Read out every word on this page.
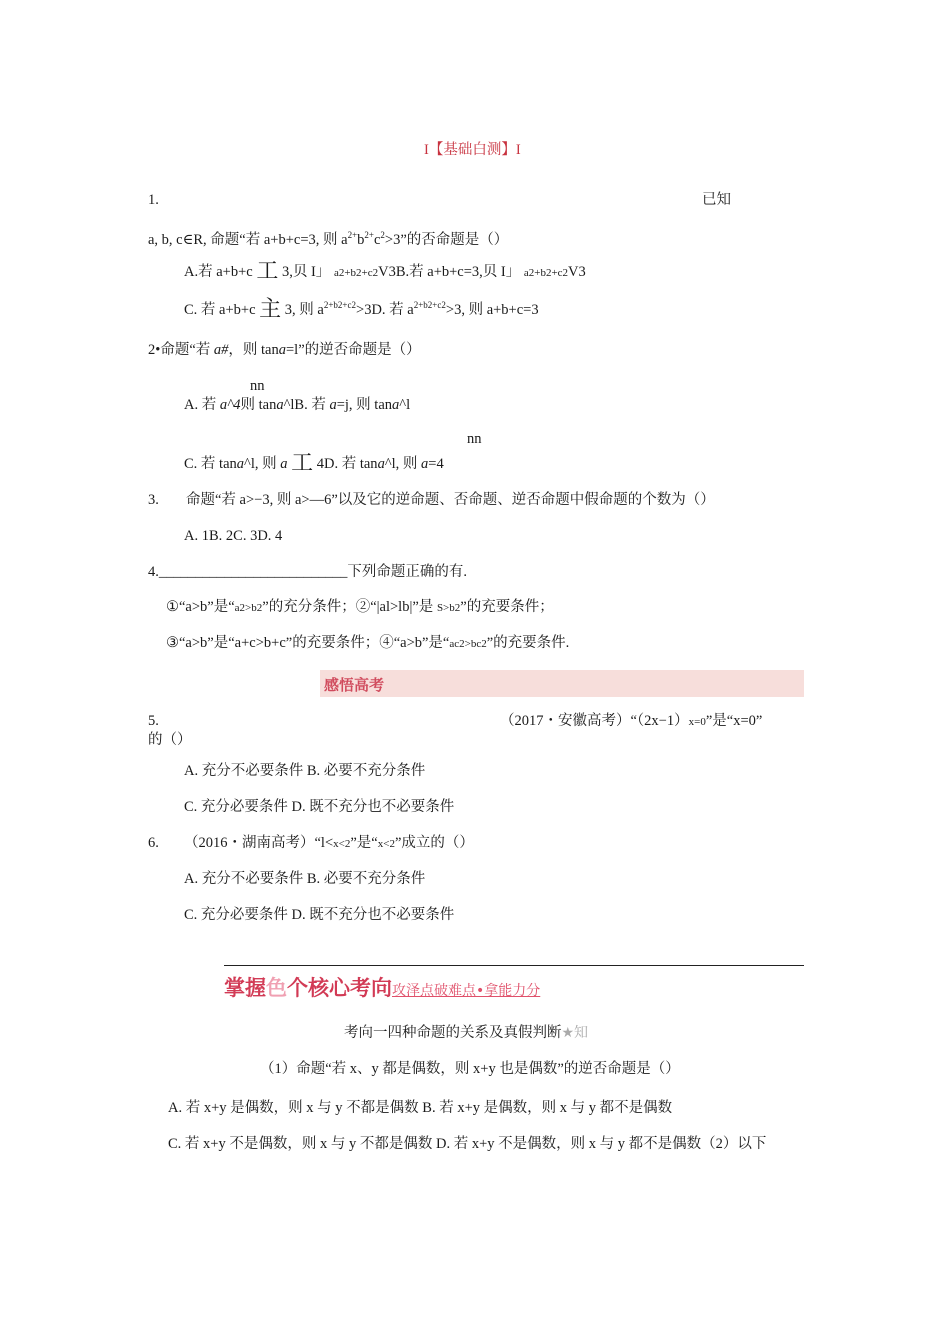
I【基础白测】I
1.	已知
a, b, c∈R, 命题“若 a+b+c=3, 则 $a^{2+}b^{2+}c^2>3$”的否命题是（）
A.若 a+b+c 工 3,贝 I」 a2+b2+c2V3B.若 a+b+c=3,贝 I」 a2+b2+c2V3
C. 若 a+b+c 主 3, 则 $a^{2+b2+c2}>3D$. 若 $a^{2+b2+c2}>3$, 则 a+b+c=3
2•命题“若 a#，则 tana=l”的逆否命题是（）
nn
A. 若 a^4则 tana^lB. 若 a=j, 则 tana^l
nn
C. 若 tana^l, 则 a 工 4D. 若 tana^l, 则 a=4
3. 命题“若 a>−3, 则 a>—6”以及它的逆命题、否命题、逆否命题中假命题的个数为（）
A. 1B. 2C. 3D. 4
4.__________________________下列命题正确的有.
①“a>b”是“a2>b2”的充分条件；②“|al>lb|”是 S>b2”的充要条件；
③“a>b”是“a+c>b+c”的充要条件；④“a>b”是“ac2>bc2”的充要条件.
感悟高考
5.	（2017・安徽高考）“（2x−1）x=0”是“x=0”
的（）
A. 充分不必要条件 B. 必要不充分条件
C. 充分必要条件 D. 既不充分也不必要条件
6. （2016・湖南高考）“l<x<2”是“x<2”成立的（）
A. 充分不必要条件 B. 必要不充分条件
C. 充分必要条件 D. 既不充分也不必要条件
掌握色个核心考向攻泽点破难点•拿能力分
考向一四种命题的关系及真假判断★知
（1）命题“若 x、y 都是偶数，则 x+y 也是偶数”的逆否命题是（）
A. 若 x+y 是偶数，则 x 与 y 不都是偶数 B. 若 x+y 是偶数，则 x 与 y 都不是偶数
C. 若 x+y 不是偶数，则 x 与 y 不都是偶数 D. 若 x+y 不是偶数，则 x 与 y 都不是偶数（2）以下
